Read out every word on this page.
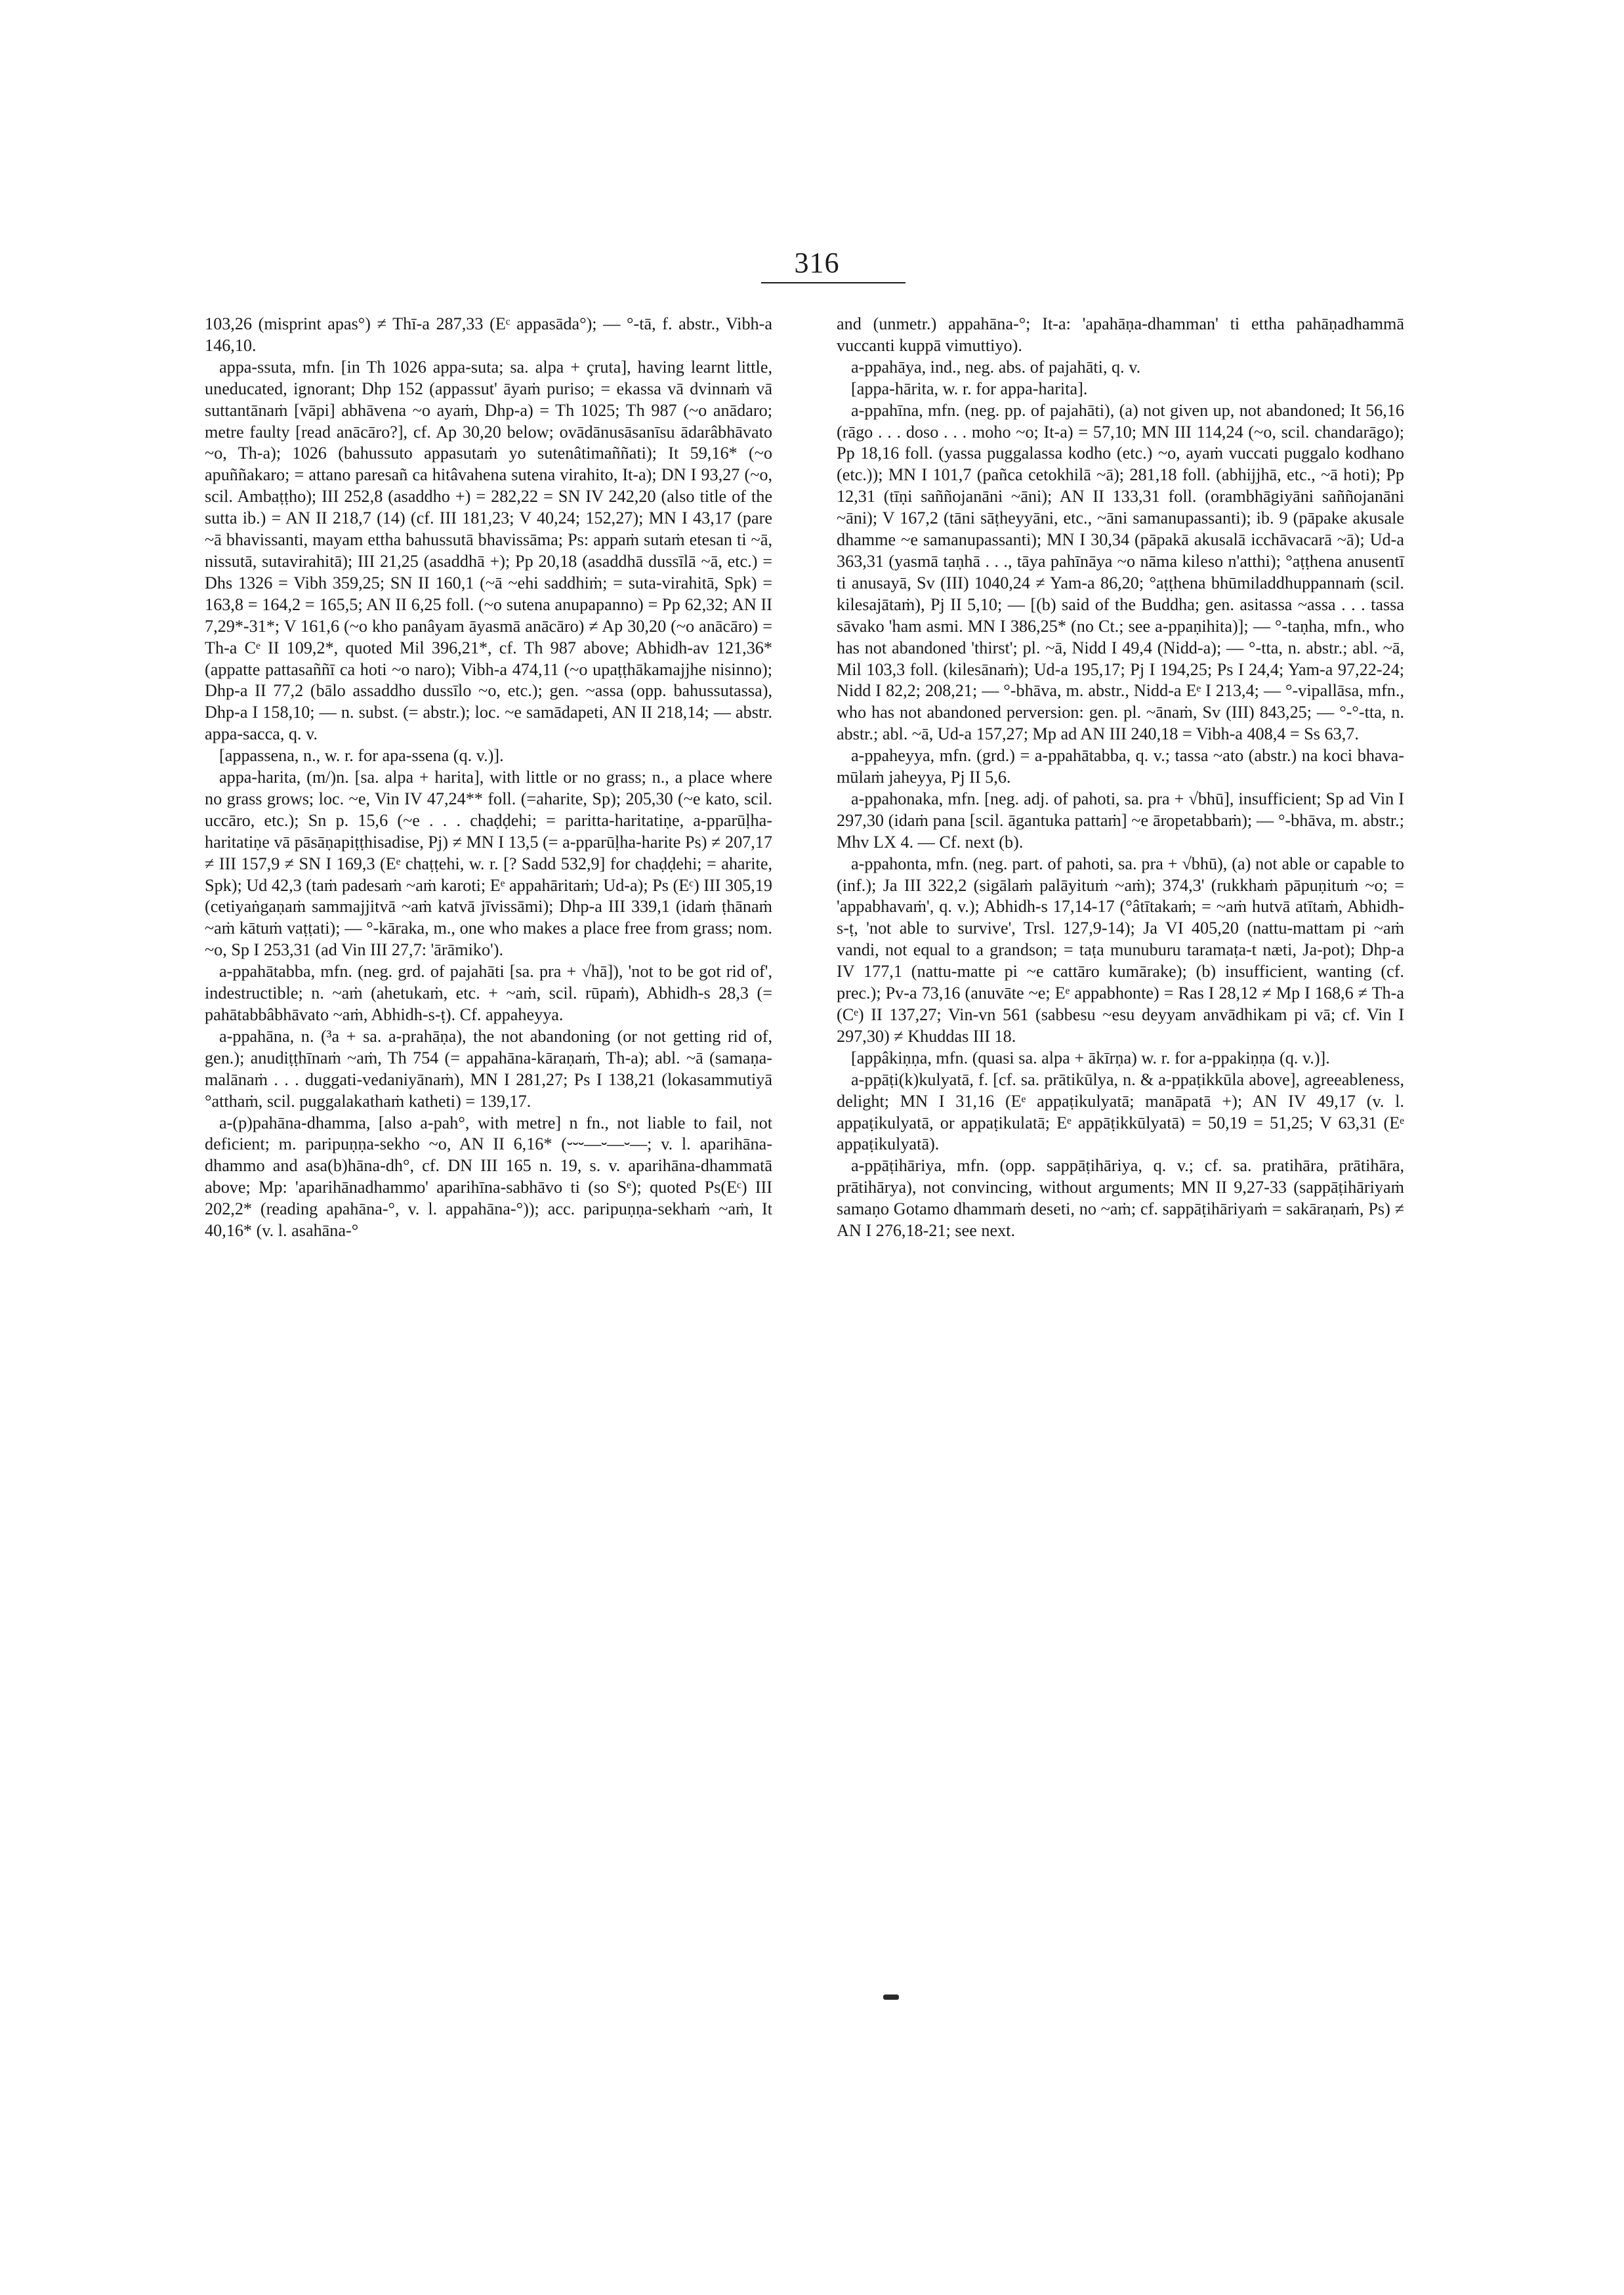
316

103,26 (misprint apas°) ≠ Thī-a 287,33 (Eᶜ appasāda°); — °-tā, f. abstr., Vibh-a 146,10.

appa-ssuta, mfn. [in Th 1026 appa-suta; sa. alpa + çruta], having learnt little, uneducated, ignorant; Dhp 152 (appassut' āyaṁ puriso; = ekassa vā dvinnaṁ vā suttantānaṁ [vāpi] abhāvena ~o ayaṁ, Dhp-a) = Th 1025; Th 987 (~o anādaro; metre faulty [read anācāro?], cf. Ap 30,20 below; ovādānusāsanīsu ādarâbhāvato ~o, Th-a); 1026 (bahussuto appasutaṁ yo sutenâtimaññati); It 59,16* (~o apuññakaro; = attano paresañ ca hitâvahena sutena virahito, It-a); DN I 93,27 (~o, scil. Ambaṭṭho); III 252,8 (asaddho +) = 282,22 = SN IV 242,20 (also title of the sutta ib.) = AN II 218,7 (14) (cf. III 181,23; V 40,24; 152,27); MN I 43,17 (pare ~ā bhavissanti, mayam ettha bahussutā bhavissāma; Ps: appaṁ sutaṁ etesan ti ~ā, nissutā, sutavirahitā); III 21,25 (asaddhā +); Pp 20,18 (asaddhā dussīlā ~ā, etc.) = Dhs 1326 = Vibh 359,25; SN II 160,1 (~ā ~ehi saddhiṁ; = suta-virahitā, Spk) = 163,8 = 164,2 = 165,5; AN II 6,25 foll. (~o sutena anupapanno) = Pp 62,32; AN II 7,29*-31*; V 161,6 (~o kho panâyam āyasmā anācāro) ≠ Ap 30,20 (~o anācāro) = Th-a Cᵉ II 109,2*, quoted Mil 396,21*, cf. Th 987 above; Abhidh-av 121,36* (appatte pattasaññī ca hoti ~o naro); Vibh-a 474,11 (~o upaṭṭhākamajjhe nisinno); Dhp-a II 77,2 (bālo assaddho dussīlo ~o, etc.); gen. ~assa (opp. bahussutassa), Dhp-a I 158,10; — n. subst. (= abstr.); loc. ~e samādapeti, AN II 218,14; — abstr. appa-sacca, q. v.

[appassena, n., w. r. for apa-ssena (q. v.)].

appa-harita, (m/)n. [sa. alpa + harita], with little or no grass; n., a place where no grass grows; loc. ~e, Vin IV 47,24** foll. (=aharite, Sp); 205,30 (~e kato, scil. uccāro, etc.); Sn p. 15,6 (~e . . . chaḍḍehi; = paritta-haritatiṇe, a-pparūḷha-haritatiṇe vā pāsāṇapiṭṭhisadise, Pj) ≠ MN I 13,5 (= a-pparūḷha-harite Ps) ≠ 207,17 ≠ III 157,9 ≠ SN I 169,3 (Eᵉ chaṭṭehi, w. r. [? Sadd 532,9] for chaḍḍehi; = aharite, Spk); Ud 42,3 (taṁ padesaṁ ~aṁ karoti; Eᵉ appahāritaṁ; Ud-a); Ps (Eᶜ) III 305,19 (cetiyaṅgaṇaṁ sammajjitvā ~aṁ katvā jīvissāmi); Dhp-a III 339,1 (idaṁ ṭhānaṁ ~aṁ kātuṁ vaṭṭati); — °-kāraka, m., one who makes a place free from grass; nom. ~o, Sp I 253,31 (ad Vin III 27,7: 'ārāmiko').

a-ppahātabba, mfn. (neg. grd. of pajahāti [sa. pra + √hā]), 'not to be got rid of', indestructible; n. ~aṁ (ahetukaṁ, etc. + ~aṁ, scil. rūpaṁ), Abhidh-s 28,3 (= pahātabbâbhāvato ~aṁ, Abhidh-s-ṭ). Cf. appaheyya.

a-ppahāna, n. (³a + sa. a-prahāṇa), the not abandoning (or not getting rid of, gen.); anudiṭṭhīnaṁ ~aṁ, Th 754 (= appahāna-kāraṇaṁ, Th-a); abl. ~ā (samaṇa-malānaṁ . . . duggati-vedaniyānaṁ), MN I 281,27; Ps I 138,21 (lokasammutiyā °atthaṁ, scil. puggalakathaṁ katheti) = 139,17.

a-(p)pahāna-dhamma, [also a-pah°, with metre] n fn., not liable to fail, not deficient; m. paripuṇṇa-sekho ~o, AN II 6,16* (⏑⏑⏑—⏑—⏑—; v. l. aparihāna-dhammo and asa(b)hāna-dh°, cf. DN III 165 n. 19, s. v. aparihāna-dhammatā above; Mp: 'aparihānadhammo' aparihīna-sabhāvo ti (so Sᵉ); quoted Ps(Eᶜ) III 202,2* (reading apahāna-°, v. l. appahāna-°)); acc. paripuṇṇa-sekhaṁ ~aṁ, It 40,16* (v. l. asahāna-°

and (unmetr.) appahāna-°; It-a: 'apahāṇa-dhamman' ti ettha pahāṇadhammā vuccanti kuppā vimuttiyo).

a-ppahāya, ind., neg. abs. of pajahāti, q. v.

[appa-hārita, w. r. for appa-harita].

a-ppahīna, mfn. (neg. pp. of pajahāti), (a) not given up, not abandoned; It 56,16 (rāgo . . . doso . . . moho ~o; It-a) = 57,10; MN III 114,24 (~o, scil. chandarāgo); Pp 18,16 foll. (yassa puggalassa kodho (etc.) ~o, ayaṁ vuccati puggalo kodhano (etc.)); MN I 101,7 (pañca cetokhilā ~ā); 281,18 foll. (abhijjhā, etc., ~ā hoti); Pp 12,31 (tīṇi saññojanāni ~āni); AN II 133,31 foll. (orambhāgiyāni saññojanāni ~āni); V 167,2 (tāni sāṭheyyāni, etc., ~āni samanupassanti); ib. 9 (pāpake akusale dhamme ~e samanupassanti); MN I 30,34 (pāpakā akusalā icchāvacarā ~ā); Ud-a 363,31 (yasmā taṇhā . . ., tāya pahīnāya ~o nāma kileso n'atthi); °aṭṭhena anusentī ti anusayā, Sv (III) 1040,24 ≠ Yam-a 86,20; °aṭṭhena bhūmiladdhuppannaṁ (scil. kilesajātaṁ), Pj II 5,10; — [(b) said of the Buddha; gen. asitassa ~assa . . . tassa sāvako 'ham asmi. MN I 386,25* (no Ct.; see a-ppaṇihita)]; — °-taṇha, mfn., who has not abandoned 'thirst'; pl. ~ā, Nidd I 49,4 (Nidd-a); — °-tta, n. abstr.; abl. ~ā, Mil 103,3 foll. (kilesānaṁ); Ud-a 195,17; Pj I 194,25; Ps I 24,4; Yam-a 97,22-24; Nidd I 82,2; 208,21; — °-bhāva, m. abstr., Nidd-a Eᵉ I 213,4; — °-vipallāsa, mfn., who has not abandoned perversion: gen. pl. ~ānaṁ, Sv (III) 843,25; — °-°-tta, n. abstr.; abl. ~ā, Ud-a 157,27; Mp ad AN III 240,18 = Vibh-a 408,4 = Ss 63,7.

a-ppaheyya, mfn. (grd.) = a-ppahātabba, q. v.; tassa ~ato (abstr.) na koci bhava-mūlaṁ jaheyya, Pj II 5,6.

a-ppahonaka, mfn. [neg. adj. of pahoti, sa. pra + √bhū], insufficient; Sp ad Vin I 297,30 (idaṁ pana [scil. āgantuka pattaṁ] ~e āropetabbaṁ); — °-bhāva, m. abstr.; Mhv LX 4. — Cf. next (b).

a-ppahonta, mfn. (neg. part. of pahoti, sa. pra + √bhū), (a) not able or capable to (inf.); Ja III 322,2 (sigālaṁ palāyituṁ ~aṁ); 374,3' (rukkhaṁ pāpuṇituṁ ~o; = 'appabhavaṁ', q. v.); Abhidh-s 17,14-17 (°âtītakaṁ; = ~aṁ hutvā atītaṁ, Abhidh-s-ṭ, 'not able to survive', Trsl. 127,9-14); Ja VI 405,20 (nattu-mattam pi ~aṁ vandi, not equal to a grandson; = taṭa munuburu taramaṭa-t næti, Ja-pot); Dhp-a IV 177,1 (nattu-matte pi ~e cattāro kumārake); (b) insufficient, wanting (cf. prec.); Pv-a 73,16 (anuvāte ~e; Eᵉ appabhonte) = Ras I 28,12 ≠ Mp I 168,6 ≠ Th-a (Cᵉ) II 137,27; Vin-vn 561 (sabbesu ~esu deyyam anvādhikam pi vā; cf. Vin I 297,30) ≠ Khuddas III 18.

[appâkiṇṇa, mfn. (quasi sa. alpa + ākīrṇa) w. r. for a-ppakiṇṇa (q. v.)].

a-ppāṭi(k)kulyatā, f. [cf. sa. prātikūlya, n. & a-ppaṭikkūla above], agreeableness, delight; MN I 31,16 (Eᵉ appaṭikulyatā; manāpatā +); AN IV 49,17 (v. l. appaṭikulyatā, or appaṭikulatā; Eᵉ appāṭikkūlyatā) = 50,19 = 51,25; V 63,31 (Eᵉ appaṭikulyatā).

a-ppāṭihāriya, mfn. (opp. sappāṭihāriya, q. v.; cf. sa. pratihāra, prātihāra, prātihārya), not convincing, without arguments; MN II 9,27-33 (sappāṭihāriyaṁ samaṇo Gotamo dhammaṁ deseti, no ~aṁ; cf. sappāṭihāriyaṁ = sakāraṇaṁ, Ps) ≠ AN I 276,18-21; see next.
